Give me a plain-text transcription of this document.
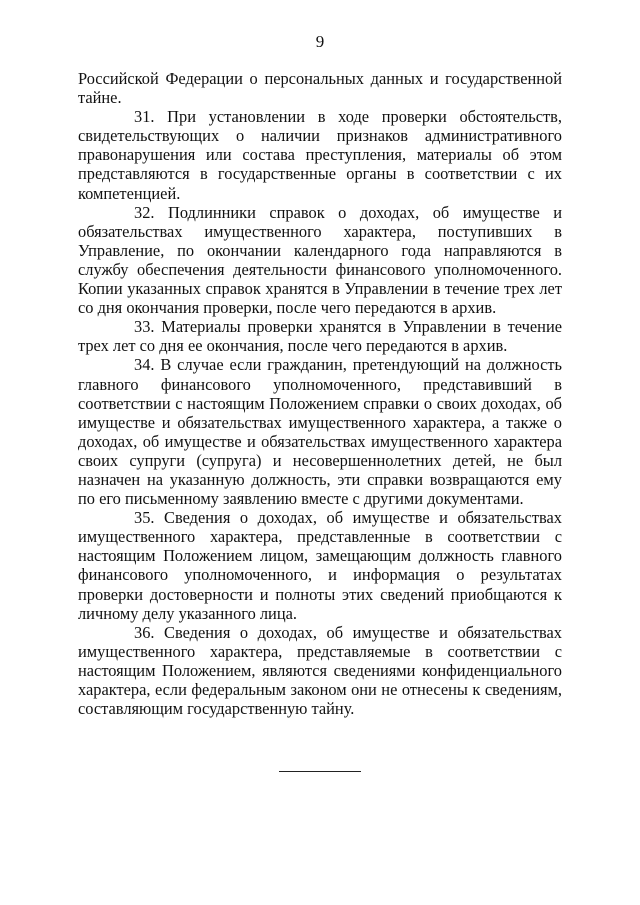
9

Российской Федерации о персональных данных и государственной тайне.

31. При установлении в ходе проверки обстоятельств, свидетельствующих о наличии признаков административного правонарушения или состава преступления, материалы об этом представляются в государственные органы в соответствии с их компетенцией.

32. Подлинники справок о доходах, об имуществе и обязательствах имущественного характера, поступивших в Управление, по окончании календарного года направляются в службу обеспечения деятельности финансового уполномоченного. Копии указанных справок хранятся в Управлении в течение трех лет со дня окончания проверки, после чего передаются в архив.

33. Материалы проверки хранятся в Управлении в течение трех лет со дня ее окончания, после чего передаются в архив.

34. В случае если гражданин, претендующий на должность главного финансового уполномоченного, представивший в соответствии с настоящим Положением справки о своих доходах, об имуществе и обязательствах имущественного характера, а также о доходах, об имуществе и обязательствах имущественного характера своих супруги (супруга) и несовершеннолетних детей, не был назначен на указанную должность, эти справки возвращаются ему по его письменному заявлению вместе с другими документами.

35. Сведения о доходах, об имуществе и обязательствах имущественного характера, представленные в соответствии с настоящим Положением лицом, замещающим должность главного финансового уполномоченного, и информация о результатах проверки достоверности и полноты этих сведений приобщаются к личному делу указанного лица.

36. Сведения о доходах, об имуществе и обязательствах имущественного характера, представляемые в соответствии с настоящим Положением, являются сведениями конфиденциального характера, если федеральным законом они не отнесены к сведениям, составляющим государственную тайну.
